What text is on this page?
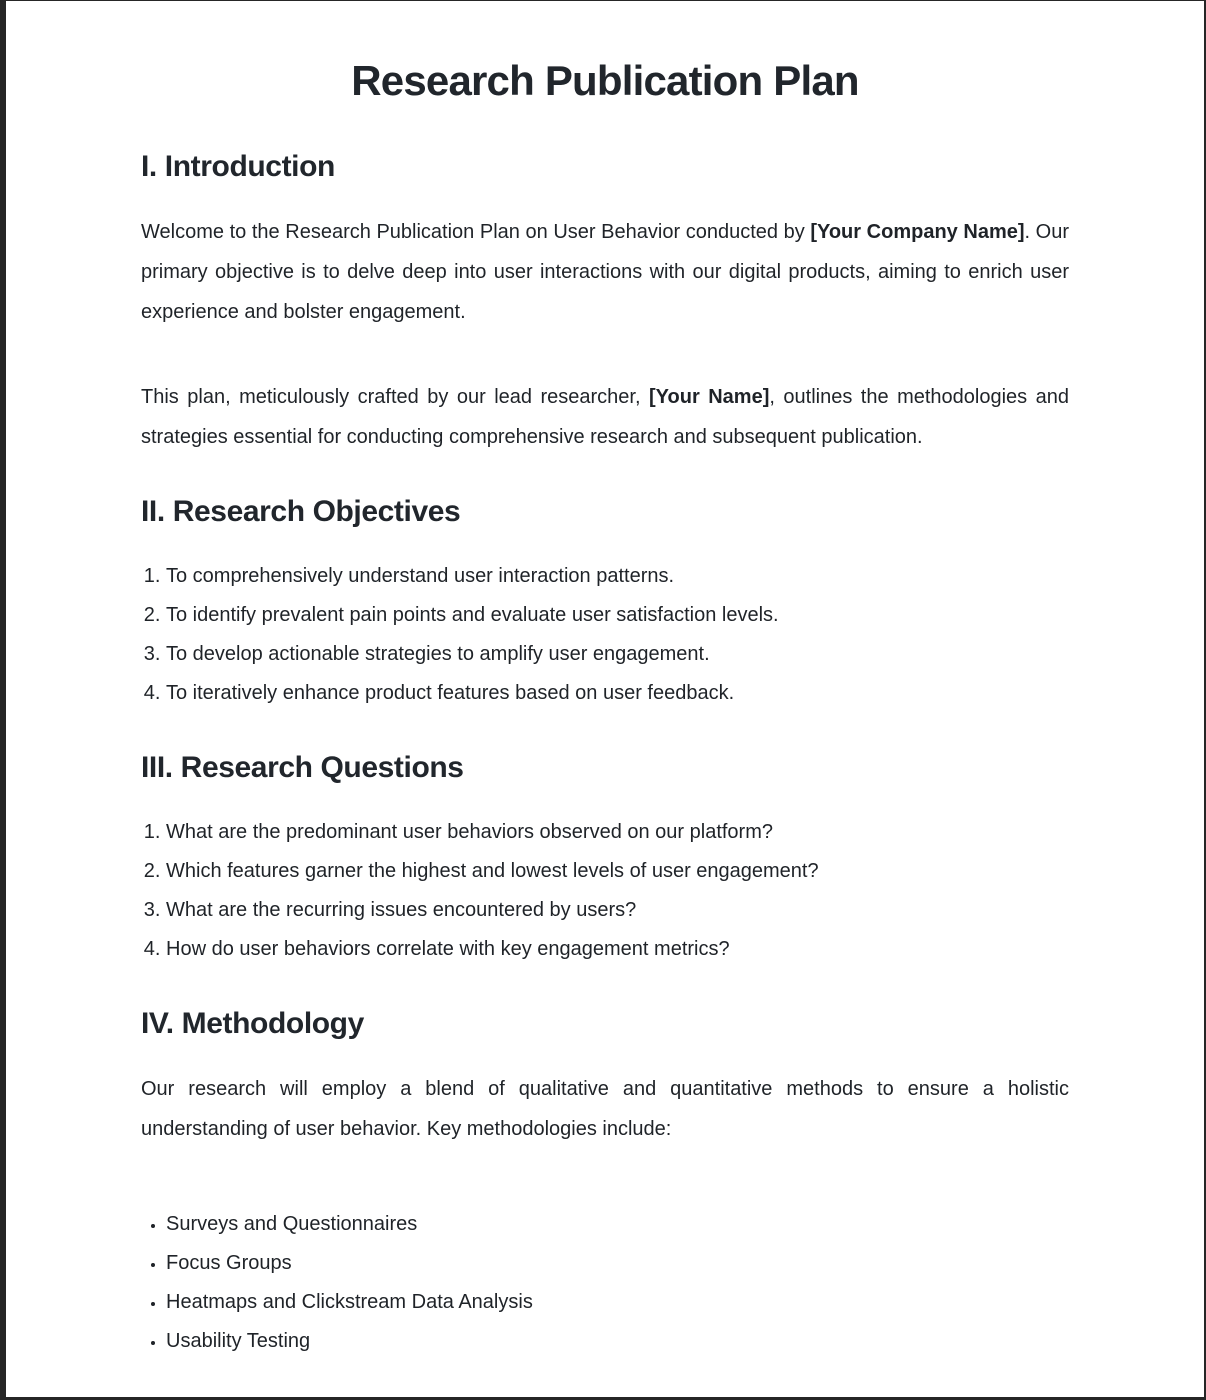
Research Publication Plan
I. Introduction

Welcome to the Research Publication Plan on User Behavior conducted by [Your Company Name]. Our primary objective is to delve deep into user interactions with our digital products, aiming to enrich user experience and bolster engagement.

This plan, meticulously crafted by our lead researcher, [Your Name], outlines the methodologies and strategies essential for conducting comprehensive research and subsequent publication.

II. Research Objectives
1. To comprehensively understand user interaction patterns.
2. To identify prevalent pain points and evaluate user satisfaction levels.
3. To develop actionable strategies to amplify user engagement.
4. To iteratively enhance product features based on user feedback.
III. Research Questions
1. What are the predominant user behaviors observed on our platform?
2. Which features garner the highest and lowest levels of user engagement?
3. What are the recurring issues encountered by users?
4. How do user behaviors correlate with key engagement metrics?
IV. Methodology

Our research will employ a blend of qualitative and quantitative methods to ensure a holistic understanding of user behavior. Key methodologies include:

• Surveys and Questionnaires
• Focus Groups
• Heatmaps and Clickstream Data Analysis
• Usability Testing
